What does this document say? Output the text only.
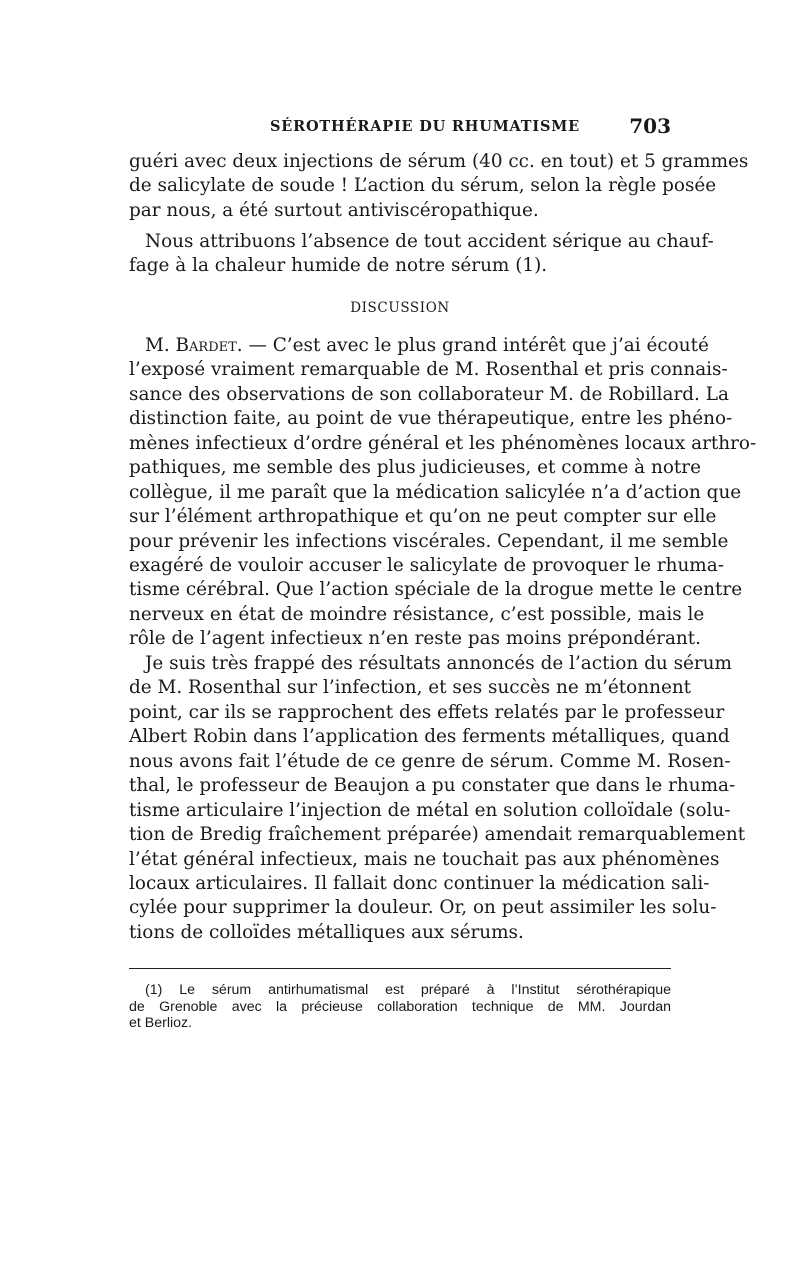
SÉROTHÉRAPIE DU RHUMATISME 703
guéri avec deux injections de sérum (40 cc. en tout) et 5 grammes
de salicylate de soude ! L’action du sérum, selon la règle posée
par nous, a été surtout antiviscéropathique.
Nous attribuons l’absence de tout accident sérique au chauf-
fage à la chaleur humide de notre sérum (1).
DISCUSSION
M. Bardet. — C’est avec le plus grand intérêt que j’ai écouté
l’exposé vraiment remarquable de M. Rosenthal et pris connais-
sance des observations de son collaborateur M. de Robillard. La
distinction faite, au point de vue thérapeutique, entre les phéno-
mènes infectieux d’ordre général et les phénomènes locaux arthro-
pathiques, me semble des plus judicieuses, et comme à notre
collègue, il me paraît que la médication salicylée n’a d’action que
sur l’élément arthropathique et qu’on ne peut compter sur elle
pour prévenir les infections viscérales. Cependant, il me semble
exagéré de vouloir accuser le salicylate de provoquer le rhuma-
tisme cérébral. Que l’action spéciale de la drogue mette le centre
nerveux en état de moindre résistance, c’est possible, mais le
rôle de l’agent infectieux n’en reste pas moins prépondérant.
Je suis très frappé des résultats annoncés de l’action du sérum
de M. Rosenthal sur l’infection, et ses succès ne m’étonnent
point, car ils se rapprochent des effets relatés par le professeur
Albert Robin dans l’application des ferments métalliques, quand
nous avons fait l’étude de ce genre de sérum. Comme M. Rosen-
thal, le professeur de Beaujon a pu constater que dans le rhuma-
tisme articulaire l’injection de métal en solution colloïdale (solu-
tion de Bredig fraîchement préparée) amendait remarquablement
l’état général infectieux, mais ne touchait pas aux phénomènes
locaux articulaires. Il fallait donc continuer la médication sali-
cylée pour supprimer la douleur. Or, on peut assimiler les solu-
tions de colloïdes métalliques aux sérums.
(1) Le sérum antirhumatismal est préparé à l’Institut sérothérapique
de Grenoble avec la précieuse collaboration technique de MM. Jourdan
et Berlioz.
